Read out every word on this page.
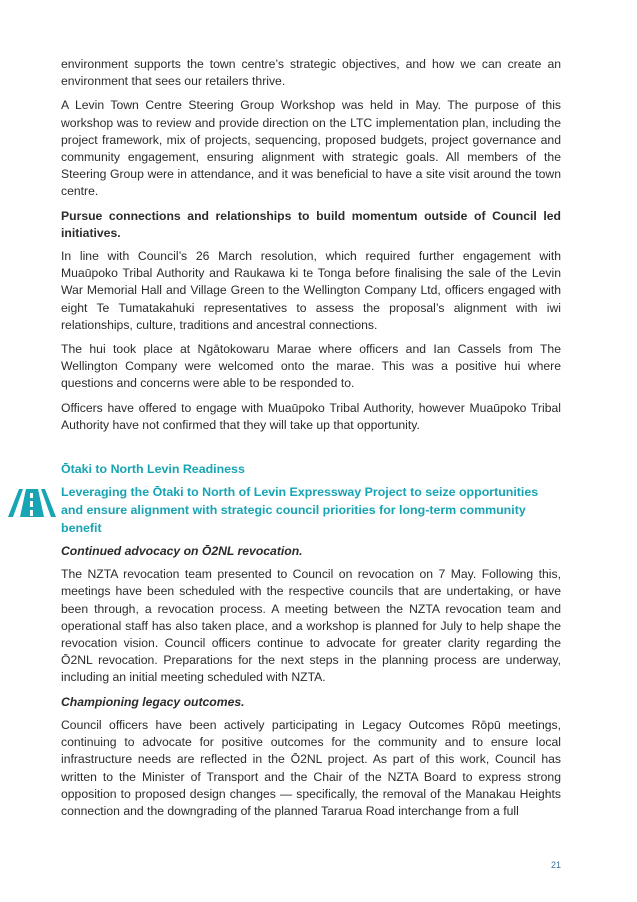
environment supports the town centre’s strategic objectives, and how we can create an environment that sees our retailers thrive.

A Levin Town Centre Steering Group Workshop was held in May. The purpose of this workshop was to review and provide direction on the LTC implementation plan, including the project framework, mix of projects, sequencing, proposed budgets, project governance and community engagement, ensuring alignment with strategic goals. All members of the Steering Group were in attendance, and it was beneficial to have a site visit around the town centre.

Pursue connections and relationships to build momentum outside of Council led initiatives.

In line with Council’s 26 March resolution, which required further engagement with Muaūpoko Tribal Authority and Raukawa ki te Tonga before finalising the sale of the Levin War Memorial Hall and Village Green to the Wellington Company Ltd, officers engaged with eight Te Tumatakahuki representatives to assess the proposal’s alignment with iwi relationships, culture, traditions and ancestral connections.

The hui took place at Ngātokowaru Marae where officers and Ian Cassels from The Wellington Company were welcomed onto the marae. This was a positive hui where questions and concerns were able to be responded to.

Officers have offered to engage with Muaūpoko Tribal Authority, however Muaūpoko Tribal Authority have not confirmed that they will take up that opportunity.

Ōtaki to North Levin Readiness
Leveraging the Ōtaki to North of Levin Expressway Project to seize opportunities and ensure alignment with strategic council priorities for long-term community benefit

Continued advocacy on Ō2NL revocation.

The NZTA revocation team presented to Council on revocation on 7 May. Following this, meetings have been scheduled with the respective councils that are undertaking, or have been through, a revocation process. A meeting between the NZTA revocation team and operational staff has also taken place, and a workshop is planned for July to help shape the revocation vision. Council officers continue to advocate for greater clarity regarding the Ō2NL revocation. Preparations for the next steps in the planning process are underway, including an initial meeting scheduled with NZTA.

Championing legacy outcomes.

Council officers have been actively participating in Legacy Outcomes Rōpū meetings, continuing to advocate for positive outcomes for the community and to ensure local infrastructure needs are reflected in the Ō2NL project. As part of this work, Council has written to the Minister of Transport and the Chair of the NZTA Board to express strong opposition to proposed design changes — specifically, the removal of the Manakau Heights connection and the downgrading of the planned Tararua Road interchange from a full

21
